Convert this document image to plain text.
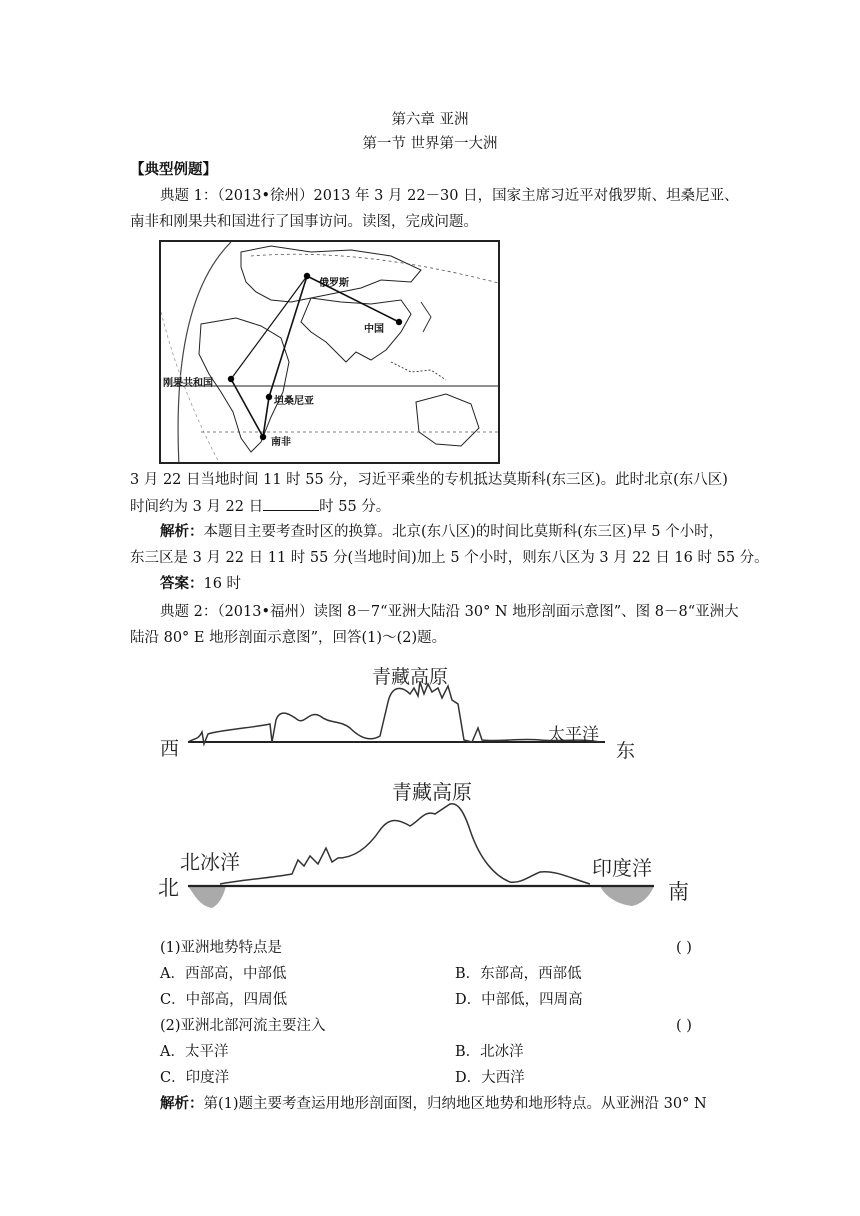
第六章 亚洲
第一节 世界第一大洲
【典型例题】
典题 1：（2013•徐州）2013 年 3 月 22－30 日，国家主席习近平对俄罗斯、坦桑尼亚、
南非和刚果共和国进行了国事访问。读图，完成问题。
俄罗斯
中国
刚果共和国
坦桑尼亚
南非
3 月 22 日当地时间 11 时 55 分，习近平乘坐的专机抵达莫斯科(东三区)。此时北京(东八区)
时间约为 3 月 22 日	时 55 分。
解析：本题目主要考查时区的换算。北京(东八区)的时间比莫斯科(东三区)早 5 个小时，
东三区是 3 月 22 日 11 时 55 分(当地时间)加上 5 个小时，则东八区为 3 月 22 日 16 时 55 分。
答案：16 时
典题 2：（2013•福州）读图 8－7“亚洲大陆沿 30° N 地形剖面示意图”、图 8－8“亚洲大
陆沿 80° E 地形剖面示意图”，回答(1)～(2)题。
青藏高原
太平洋
西	东
青藏高原
北冰洋	印度洋
北	南
(1)亚洲地势特点是	( )
A．西部高，中部低	B．东部高，西部低
C．中部高，四周低	D．中部低，四周高
(2)亚洲北部河流主要注入	( )
A．太平洋	B．北冰洋
C．印度洋	D．大西洋
解析：第(1)题主要考查运用地形剖面图，归纳地区地势和地形特点。从亚洲沿 30° N
